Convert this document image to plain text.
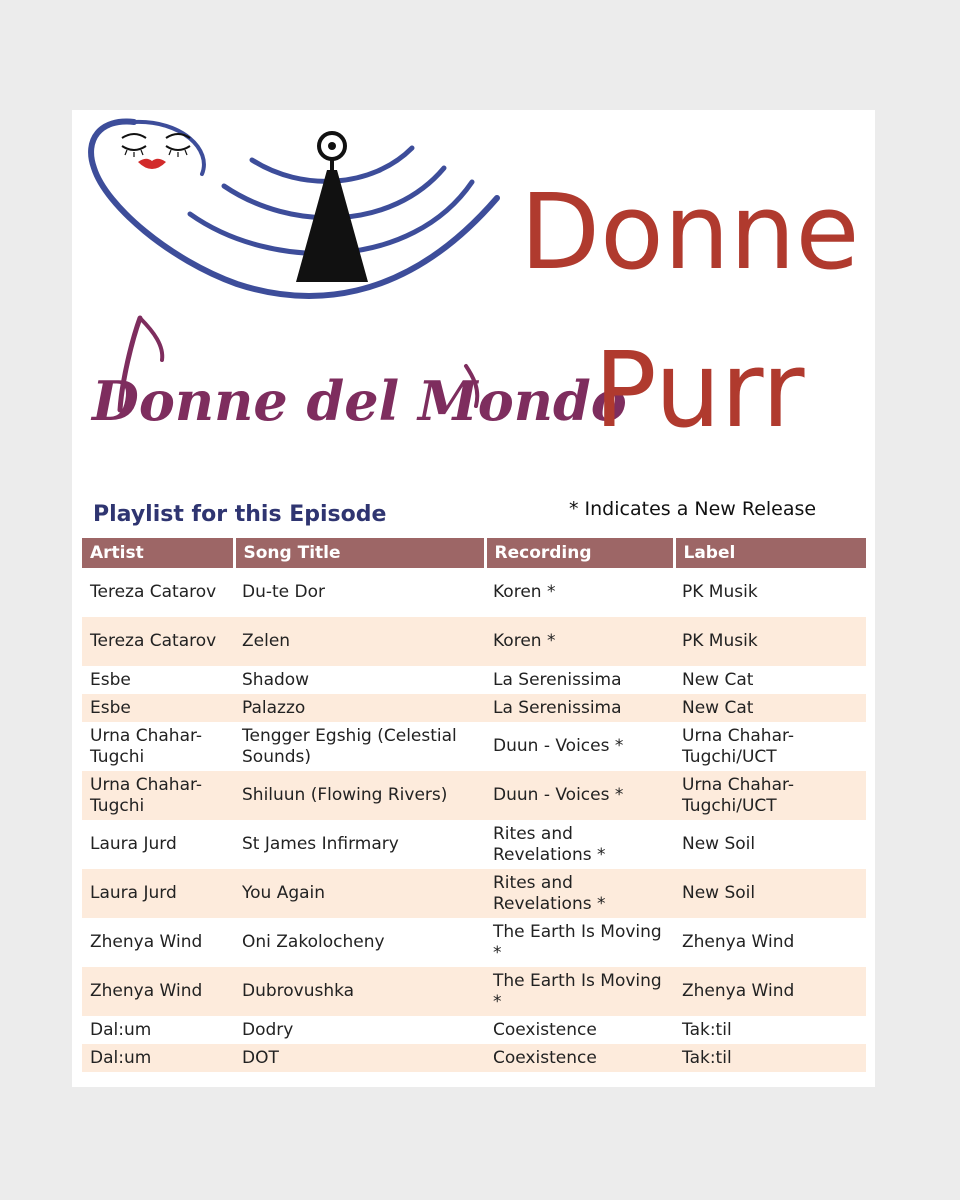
Donne del Mondo
Donne
Purr
Playlist for this Episode	* Indicates a New Release
Artist	Song Title	Recording	Label
Tereza Catarov	Du-te Dor	Koren *	PK Musik
Tereza Catarov	Zelen	Koren *	PK Musik
Esbe	Shadow	La Serenissima	New Cat
Esbe	Palazzo	La Serenissima	New Cat
Urna Chahar-Tugchi	Tengger Egshig (Celestial Sounds)	Duun - Voices *	Urna Chahar-Tugchi/UCT
Urna Chahar-Tugchi	Shiluun (Flowing Rivers)	Duun - Voices *	Urna Chahar-Tugchi/UCT
Laura Jurd	St James Infirmary	Rites and Revelations *	New Soil
Laura Jurd	You Again	Rites and Revelations *	New Soil
Zhenya Wind	Oni Zakolocheny	The Earth Is Moving *	Zhenya Wind
Zhenya Wind	Dubrovushka	The Earth Is Moving *	Zhenya Wind
Dal:um	Dodry	Coexistence	Tak:til
Dal:um	DOT	Coexistence	Tak:til
